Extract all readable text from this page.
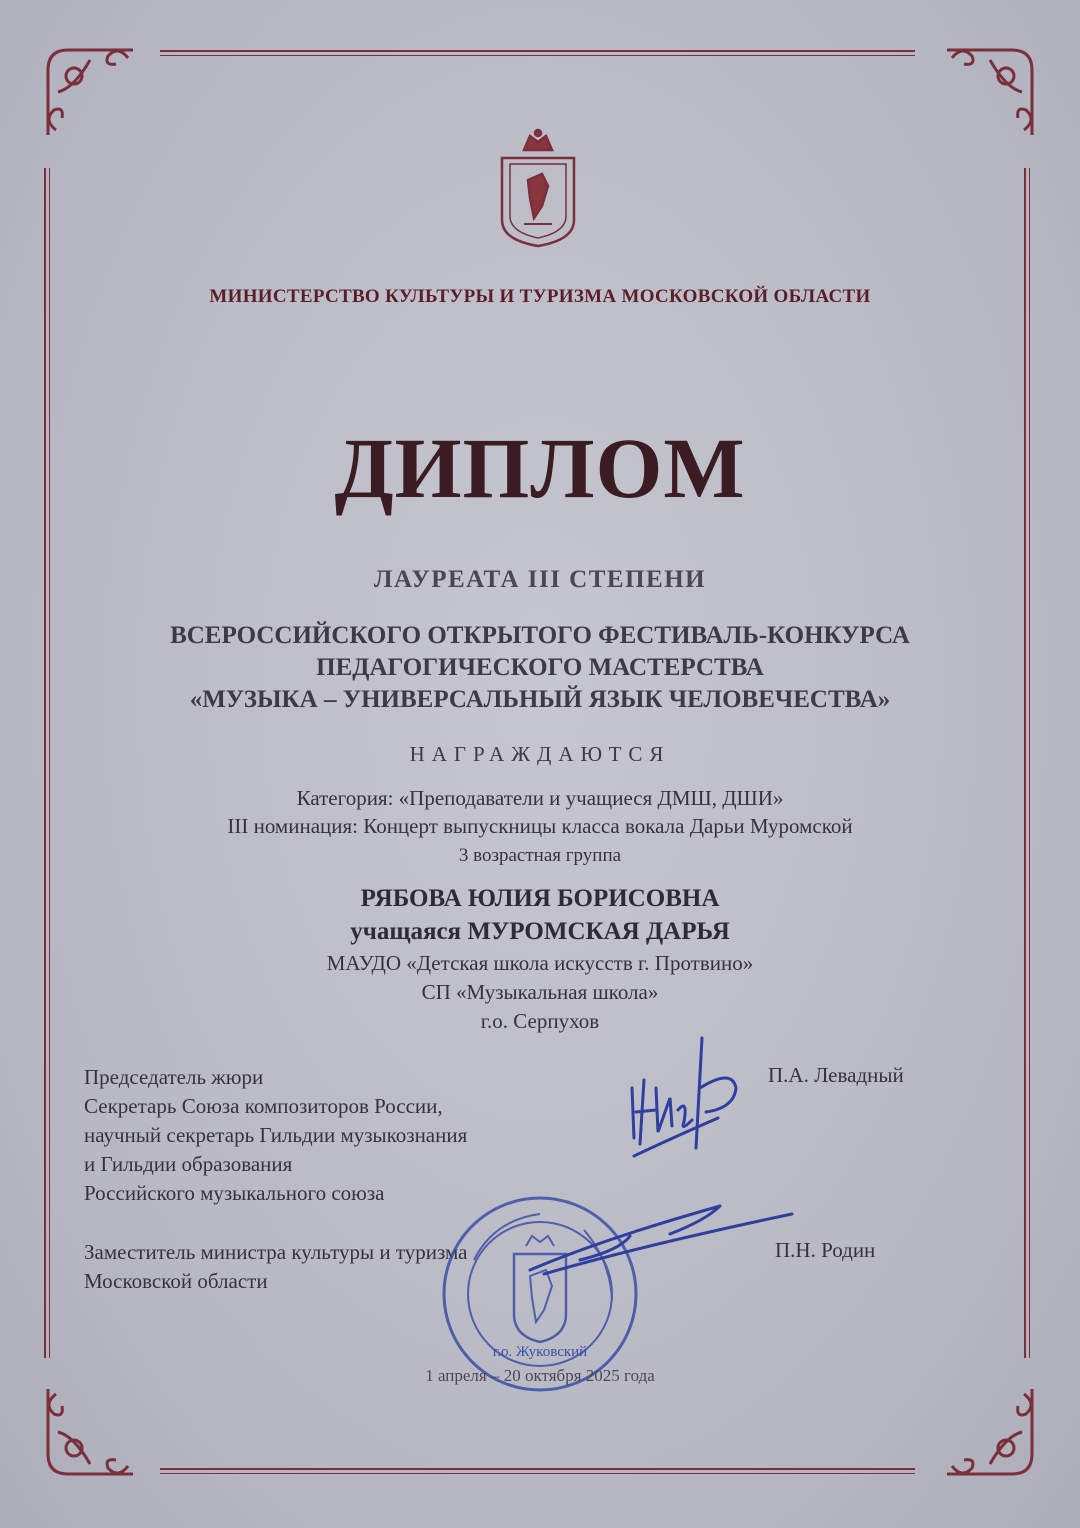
МИНИСТЕРСТВО КУЛЬТУРЫ И ТУРИЗМА МОСКОВСКОЙ ОБЛАСТИ
ДИПЛОМ
ЛАУРЕАТА III СТЕПЕНИ
ВСЕРОССИЙСКОГО ОТКРЫТОГО ФЕСТИВАЛЬ-КОНКУРСА
ПЕДАГОГИЧЕСКОГО МАСТЕРСТВА
«МУЗЫКА – УНИВЕРСАЛЬНЫЙ ЯЗЫК ЧЕЛОВЕЧЕСТВА»
НАГРАЖДАЮТСЯ
Категория: «Преподаватели и учащиеся ДМШ, ДШИ»
III номинация: Концерт выпускницы класса вокала Дарьи Муромской
3 возрастная группа
РЯБОВА ЮЛИЯ БОРИСОВНА
учащаяся МУРОМСКАЯ ДАРЬЯ
МАУДО «Детская школа искусств г. Протвино»
СП «Музыкальная школа»
г.о. Серпухов
Председатель жюри
Секретарь Союза композиторов России,
научный секретарь Гильдии музыкознания
и Гильдии образования
Российского музыкального союза
П.А. Левадный
Заместитель министра культуры и туризма
Московской области
П.Н. Родин
г.о. Жуковский
1 апреля – 20 октября 2025 года
